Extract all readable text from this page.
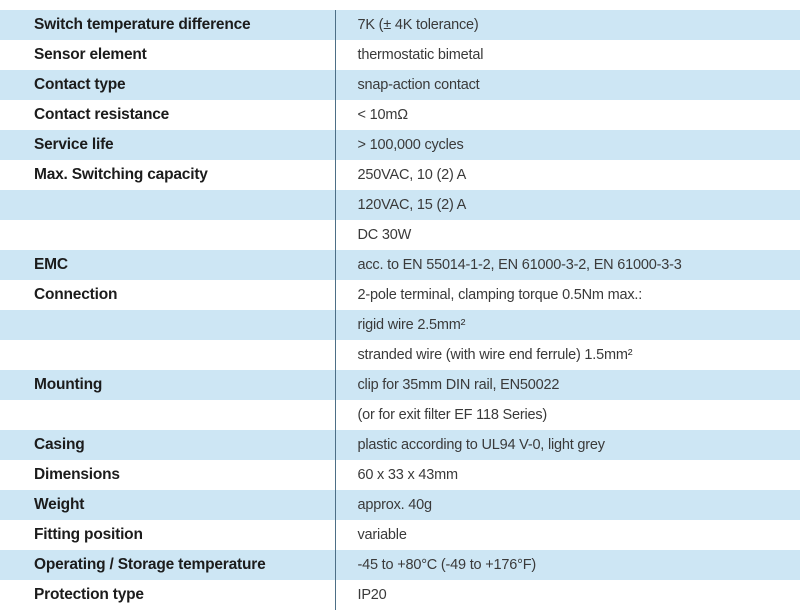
Switch temperature difference	7K (± 4K tolerance)
Sensor element	thermostatic bimetal
Contact type	snap-action contact
Contact resistance	< 10mΩ
Service life	> 100,000 cycles
Max. Switching capacity	250VAC, 10 (2) A
	120VAC, 15 (2) A
	DC 30W
EMC	acc. to EN 55014-1-2, EN 61000-3-2, EN 61000-3-3
Connection	2-pole terminal, clamping torque 0.5Nm max.:
	rigid wire 2.5mm²
	stranded wire (with wire end ferrule) 1.5mm²
Mounting	clip for 35mm DIN rail, EN50022
	(or for exit filter EF 118 Series)
Casing	plastic according to UL94 V-0, light grey
Dimensions	60 x 33 x 43mm
Weight	approx. 40g
Fitting position	variable
Operating / Storage temperature	-45 to +80°C (-49 to +176°F)
Protection type	IP20
